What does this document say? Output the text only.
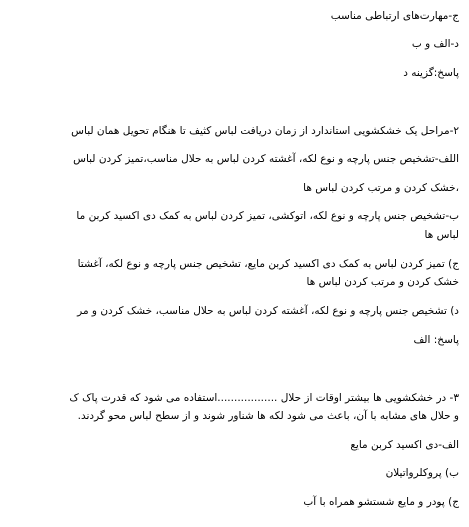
ج-مهارت‌های ارتباطی مناسب
د-الف و ب
پاسخ:گزینه د
۲-مراحل یک خشکشویی استاندارد از زمان دریافت لباس کثیف تا هنگام تحویل همان لباس
اللف-تشخیص جنس پارچه و نوع لکه، آغشته کردن لباس به حلال مناسب،تمیز کردن لباس
،خشک کردن و مرتب کردن لباس ها
ب-تشخیص جنس پارچه و نوع لکه، اتوکشی، تمیز کردن لباس به کمک دی اکسید کربن ما
لباس ها
ج) تمیز کردن لباس به کمک دی اکسید کربن مایع، تشخیص جنس پارچه و نوع لکه، آغشتا
خشک کردن و مرتب کردن لباس ها
د) تشخیص جنس پارچه و نوع لکه، آغشته کردن لباس به حلال مناسب، خشک کردن و مر
پاسخ: الف
۳- در خشکشویی ها بیشتر اوقات از حلال ..................استفاده می شود که قدرت پاک ک
و حلال های مشابه با آن، باعث می شود لکه ها شناور شوند و از سطح لباس محو گردند.
الف-دی اکسید کربن مایع
ب) پروکلرواتیلان
ج) پودر و مایع شستشو همراه با آب
